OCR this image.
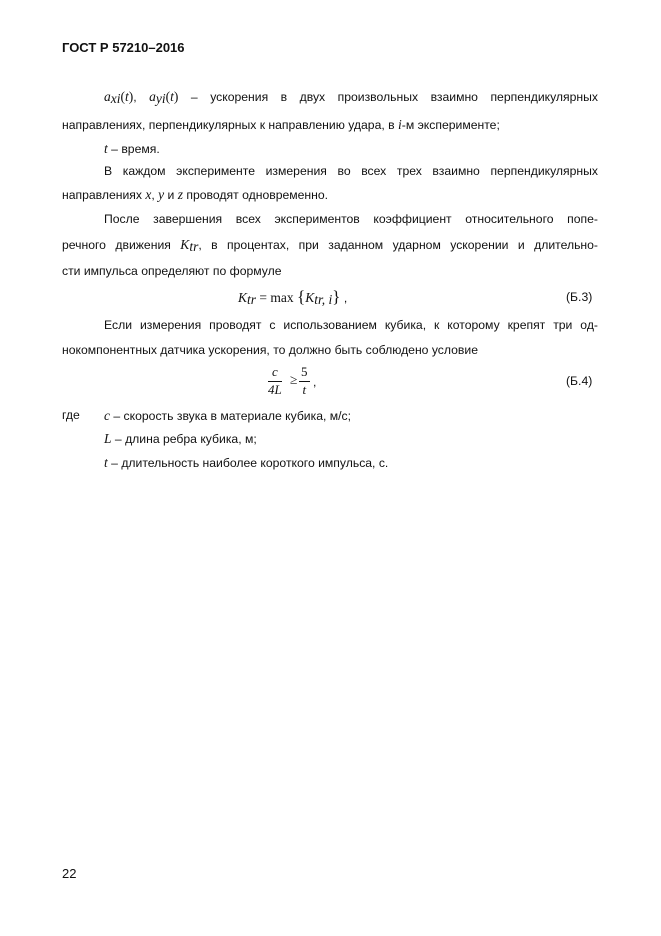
ГОСТ Р 57210–2016
$a_{xi}(t)$, $a_{yi}(t)$ – ускорения в двух произвольных взаимно перпендикулярных
направлениях, перпендикулярных к направлению удара, в i-м эксперименте;
t – время.
В каждом эксперименте измерения во всех трех взаимно перпендикулярных
направлениях x, y и z проводят одновременно.
После завершения всех экспериментов коэффициент относительного попе-
речного движения $K_{tr}$, в процентах, при заданном ударном ускорении и длительно-
сти импульса определяют по формуле
$K_{tr} = \max \{K_{tr, i}\}$ ,	(Б.3)
Если измерения проводят с использованием кубика, к которому крепят три од-
нокомпонентных датчика ускорения, то должно быть соблюдено условие
$\frac{c}{4L} \ge \frac{5}{t}$ ,	(Б.4)
где c – скорость звука в материале кубика, м/с;
L – длина ребра кубика, м;
t – длительность наиболее короткого импульса, с.
22
